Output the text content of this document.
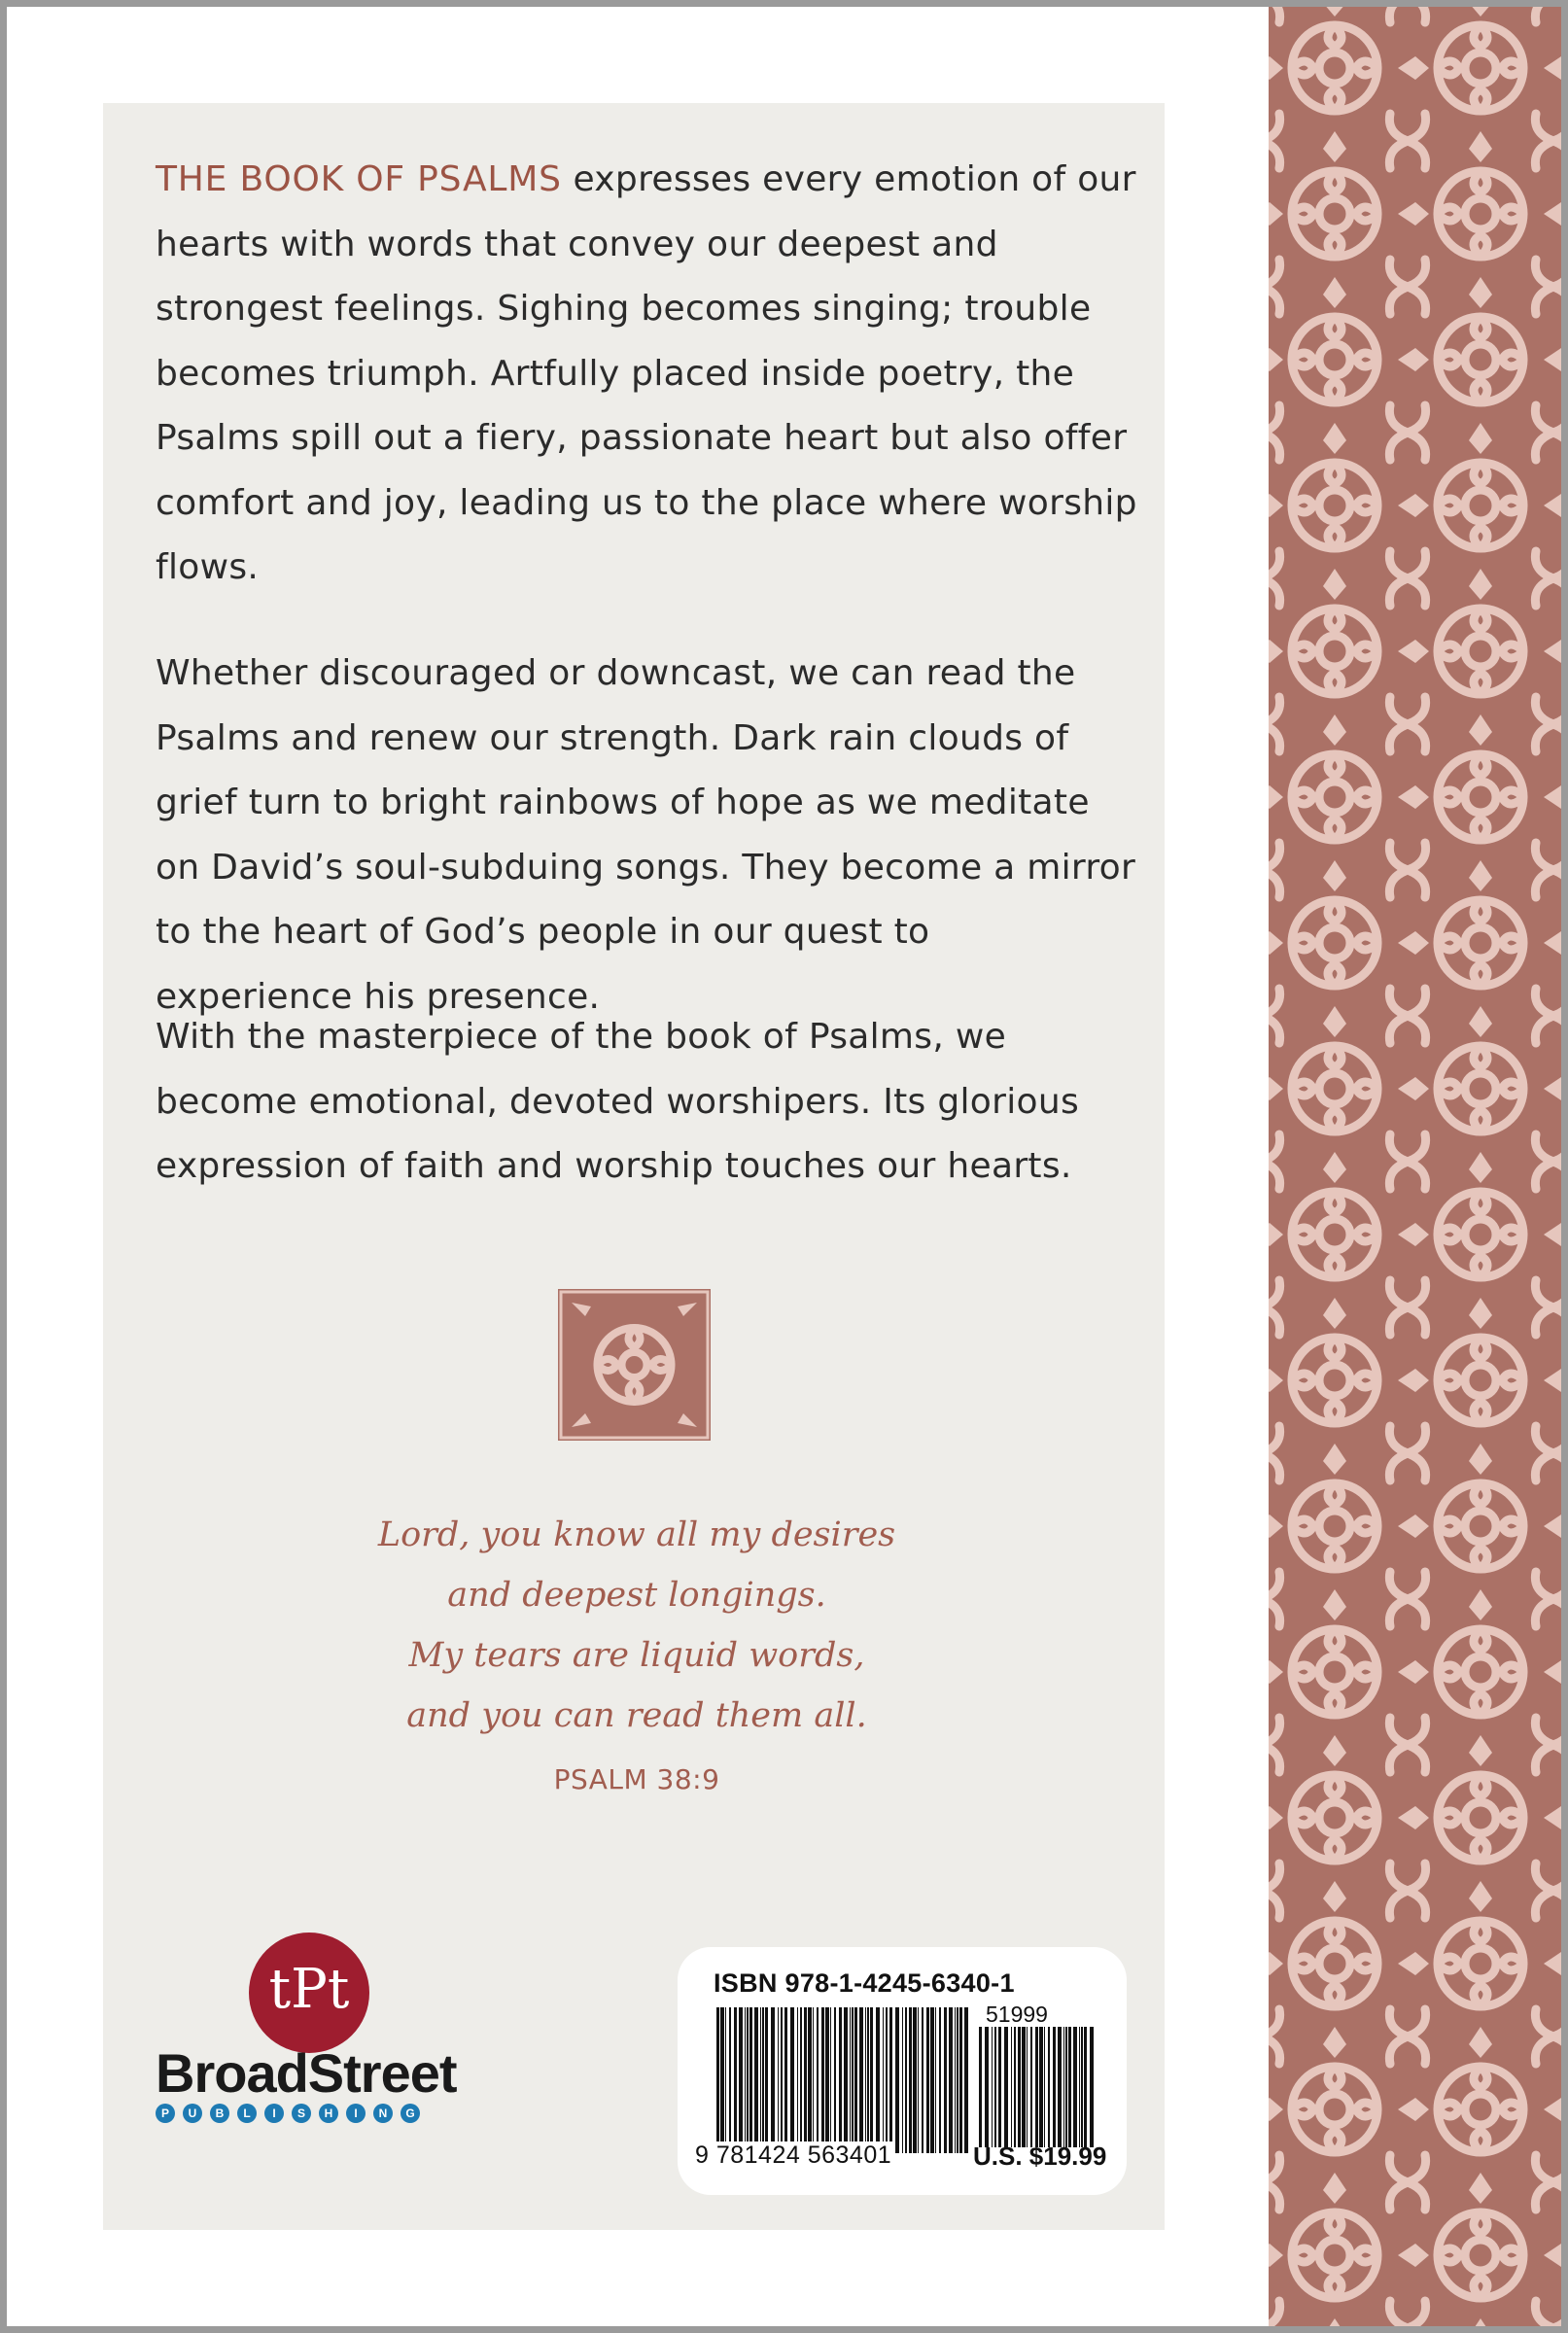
THE BOOK OF PSALMS expresses every emotion of our hearts with words that convey our deepest and strongest feelings. Sighing becomes singing; trouble becomes triumph. Artfully placed inside poetry, the Psalms spill out a fiery, passionate heart but also offer comfort and joy, leading us to the place where worship flows.

Whether discouraged or downcast, we can read the Psalms and renew our strength. Dark rain clouds of grief turn to bright rainbows of hope as we meditate on David’s soul-subduing songs. They become a mirror to the heart of God’s people in our quest to experience his presence.

With the masterpiece of the book of Psalms, we become emotional, devoted worshipers. Its glorious expression of faith and worship touches our hearts.

Lord, you know all my desires
and deepest longings.
My tears are liquid words,
and you can read them all.

PSALM 38:9
tPt

BroadStreet

P	U	B	L	I	S	H	I	N	G

ISBN 978-1-4245-6340-1

51999
9 781424 563401	U.S. $19.99
